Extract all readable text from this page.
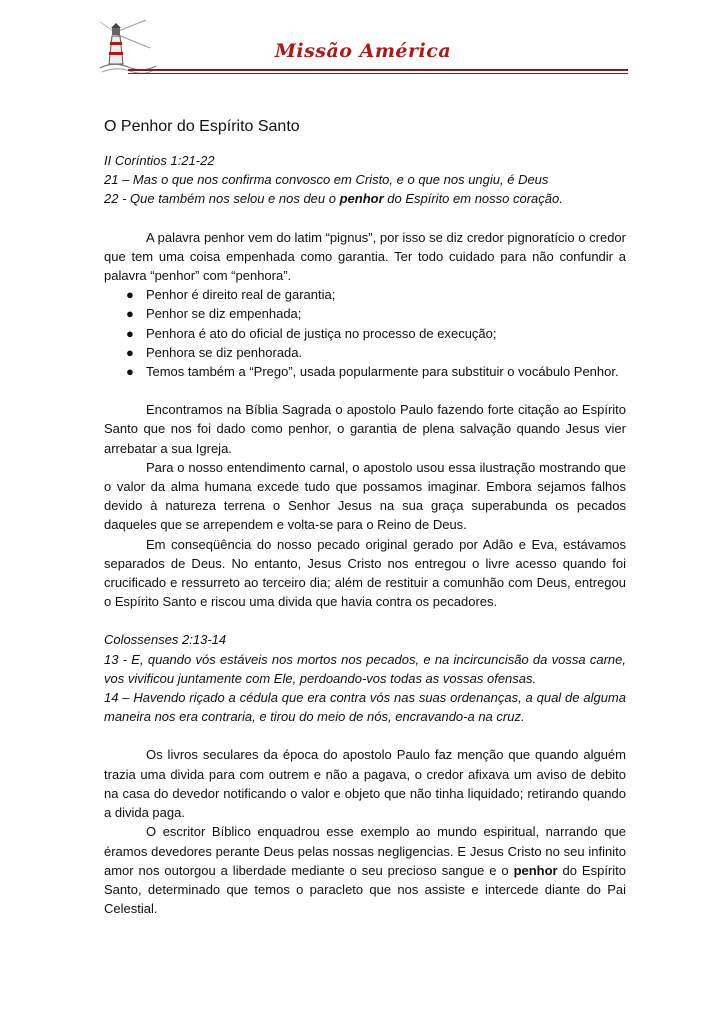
Missão América
O Penhor do Espírito Santo

II Coríntios 1:21-22

21 – Mas o que nos confirma convosco em Cristo, e o que nos ungiu, é Deus

22 - Que também nos selou e nos deu o penhor do Espírito em nosso coração.

A palavra penhor vem do latim “pignus”, por isso se diz credor pignoratício o credor que tem uma coisa empenhada como garantia. Ter todo cuidado para não confundir a palavra “penhor” com “penhora”.

● Penhor é direito real de garantia;
● Penhor se diz empenhada;
● Penhora é ato do oficial de justiça no processo de execução;
● Penhora se diz penhorada.
● Temos também a “Prego”, usada popularmente para substituir o vocábulo Penhor.

Encontramos na Bíblia Sagrada o apostolo Paulo fazendo forte citação ao Espírito Santo que nos foi dado como penhor, o garantia de plena salvação quando Jesus vier arrebatar a sua Igreja.

Para o nosso entendimento carnal, o apostolo usou essa ilustração mostrando que o valor da alma humana excede tudo que possamos imaginar. Embora sejamos falhos devido à natureza terrena o Senhor Jesus na sua graça superabunda os pecados daqueles que se arrependem e volta-se para o Reino de Deus.

Em conseqüência do nosso pecado original gerado por Adão e Eva, estávamos separados de Deus. No entanto, Jesus Cristo nos entregou o livre acesso quando foi crucificado e ressurreto ao terceiro dia; além de restituir a comunhão com Deus, entregou o Espírito Santo e riscou uma divida que havia contra os pecadores.

Colossenses 2:13-14

13 - E, quando vós estáveis nos mortos nos pecados, e na incircuncisão da vossa carne, vos vivificou juntamente com Ele, perdoando-vos todas as vossas ofensas.

14 – Havendo riçado a cédula que era contra vós nas suas ordenanças, a qual de alguma maneira nos era contraria, e tirou do meio de nós, encravando-a na cruz.

Os livros seculares da época do apostolo Paulo faz menção que quando alguém trazia uma divida para com outrem e não a pagava, o credor afixava um aviso de debito na casa do devedor notificando o valor e objeto que não tinha liquidado; retirando quando a divida paga.

O escritor Bíblico enquadrou esse exemplo ao mundo espiritual, narrando que éramos devedores perante Deus pelas nossas negligencias. E Jesus Cristo no seu infinito amor nos outorgou a liberdade mediante o seu precioso sangue e o penhor do Espírito Santo, determinado que temos o paracleto que nos assiste e intercede diante do Pai Celestial.
